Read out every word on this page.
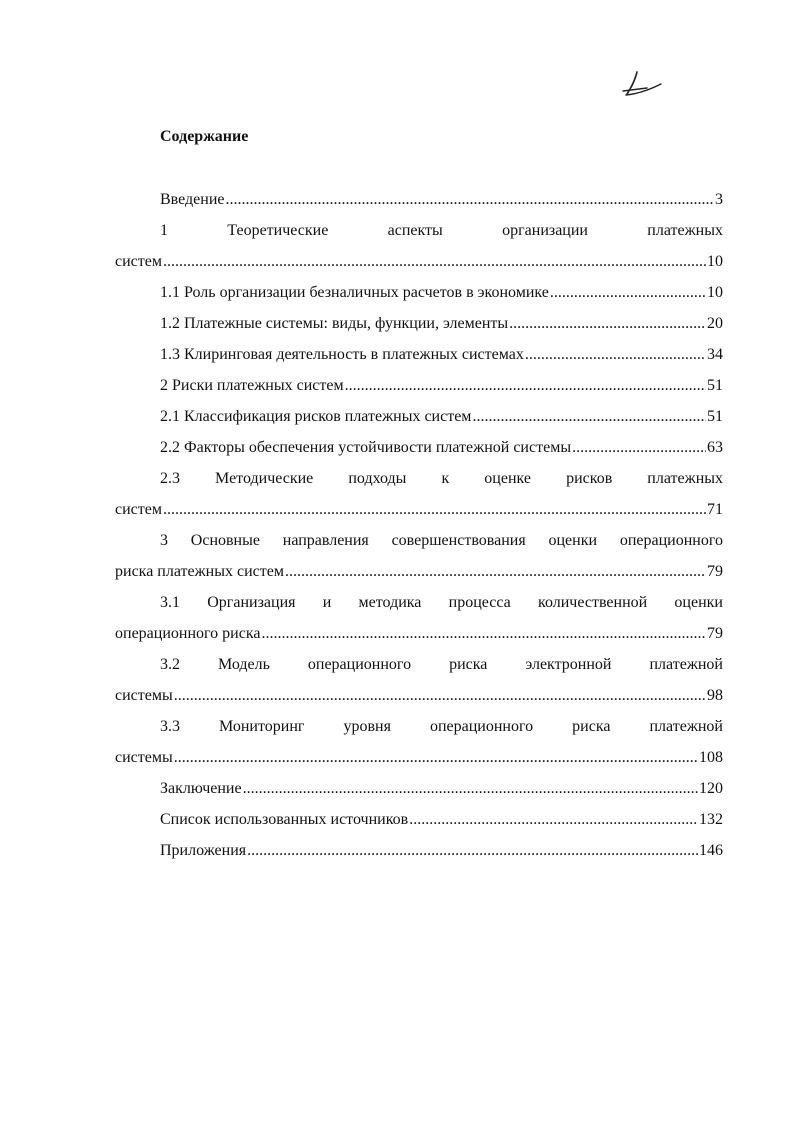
Содержание
Введение .....	3
1 Теоретические аспекты организации платежных
систем .....	10
1.1 Роль организации безналичных расчетов в экономике .....	10
1.2 Платежные системы: виды, функции, элементы .....	20
1.3 Клиринговая деятельность в платежных системах .....	34
2 Риски платежных систем .....	51
2.1 Классификация рисков платежных систем .....	51
2.2 Факторы обеспечения устойчивости платежной системы .....	63
2.3 Методические подходы к оценке рисков платежных
систем .....	71
3 Основные направления совершенствования оценки операционного
риска платежных систем .....	79
3.1 Организация и методика процесса количественной оценки
операционного риска .....	79
3.2 Модель операционного риска электронной платежной
системы .....	98
3.3 Мониторинг уровня операционного риска платежной
системы .....	108
Заключение .....	120
Список использованных источников .....	132
Приложения .....	146
